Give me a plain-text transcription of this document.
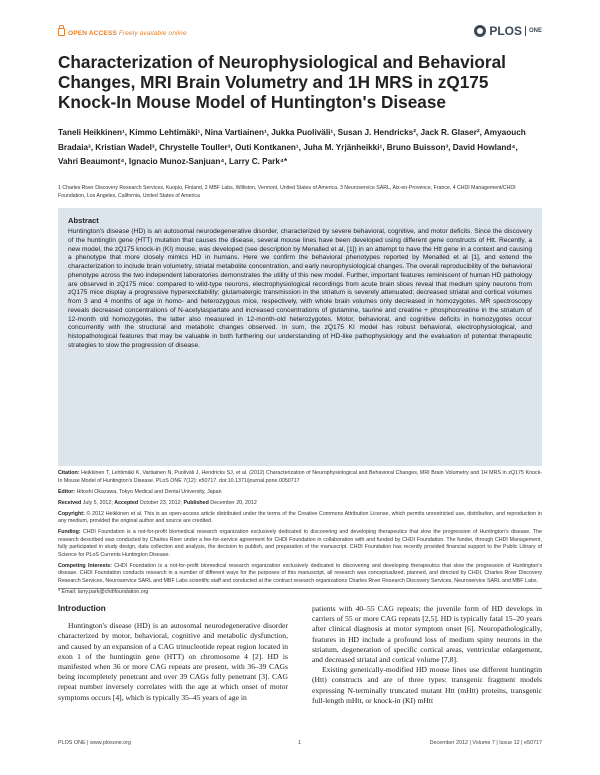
OPEN ACCESS Freely available online	PLOS ONE
Characterization of Neurophysiological and Behavioral Changes, MRI Brain Volumetry and 1H MRS in zQ175 Knock-In Mouse Model of Huntington's Disease
Taneli Heikkinen¹, Kimmo Lehtimäki¹, Nina Vartiainen¹, Jukka Puoliväli¹, Susan J. Hendricks², Jack R. Glaser², Amyaouch Bradaia³, Kristian Wadel³, Chrystelle Touller³, Outi Kontkanen¹, Juha M. Yrjänheikki¹, Bruno Buisson³, David Howland⁴, Vahri Beaumont⁴, Ignacio Munoz-Sanjuan⁴, Larry C. Park⁴*
1 Charles River Discovery Research Services, Kuopio, Finland, 2 MBF Labs, Williston, Vermont, United States of America, 3 Neuroservice SARL, Aix-en-Provence, France, 4 CHDI Management/CHDI Foundation, Los Angeles, California, United States of America
Abstract

Huntington's disease (HD) is an autosomal neurodegenerative disorder, characterized by severe behavioral, cognitive, and motor deficits. Since the discovery of the huntingtin gene (HTT) mutation that causes the disease, several mouse lines have been developed using different gene constructs of Htt. Recently, a new model, the zQ175 knock-in (KI) mouse, was developed (see description by Menalled et al, [1]) in an attempt to have the Htt gene in a context and causing a phenotype that more closely mimics HD in humans. Here we confirm the behavioral phenotypes reported by Menalled et al [1], and extend the characterization to include brain volumetry, striatal metabolite concentration, and early neurophysiological changes. The overall reproducibility of the behavioral phenotype across the two independent laboratories demonstrates the utility of this new model. Further, important features reminiscent of human HD pathology are observed in zQ175 mice: compared to wild-type neurons, electrophysiological recordings from acute brain slices reveal that medium spiny neurons from zQ175 mice display a progressive hyperexcitability; glutamatergic transmission in the striatum is severely attenuated; decreased striatal and cortical volumes from 3 and 4 months of age in homo- and heterozygous mice, respectively, with whole brain volumes only decreased in homozygotes. MR spectroscopy reveals decreased concentrations of N-acetylaspartate and increased concentrations of glutamine, taurine and creatine + phosphocreatine in the striatum of 12-month old homozygotes, the latter also measured in 12-month-old heterozygotes. Motor, behavioral, and cognitive deficits in homozygotes occur concurrently with the structural and metabolic changes observed. In sum, the zQ175 KI model has robust behavioral, electrophysiological, and histopathological features that may be valuable in both furthering our understanding of HD-like pathophysiology and the evaluation of potential therapeutic strategies to slow the progression of disease.

Citation: Heikkinen T, Lehtimäki K, Vartiainen N, Puoliväli J, Hendricks SJ, et al. (2012) Characterization of Neurophysiological and Behavioral Changes, MRI Brain Volumetry and 1H MRS in zQ175 Knock-In Mouse Model of Huntington's Disease. PLoS ONE 7(12): e50717. doi:10.1371/journal.pone.0050717

Editor: Hitoshi Okazawa, Tokyo Medical and Dental University, Japan

Received July 5, 2012; Accepted October 23, 2012; Published December 20, 2012

Copyright: © 2012 Heikkinen et al. This is an open-access article distributed under the terms of the Creative Commons Attribution License, which permits unrestricted use, distribution, and reproduction in any medium, provided the original author and source are credited.

Funding: CHDI Foundation is a not-for-profit biomedical research organization exclusively dedicated to discovering and developing therapeutics that slow the progression of Huntington's disease. The research described was conducted by Charles River under a fee-for-service agreement for CHDI Foundation in collaboration with and funded by CHDI Foundation. The funder, through CHDI Management, fully participated in study design, data collection and analysis, the decision to publish, and preparation of the manuscript. CHDI Foundation has recently provided financial support to the Public Library of Science for PLoS Currents Huntington Disease.

Competing Interests: CHDI Foundation is a not-for-profit biomedical research organization exclusively dedicated to discovering and developing therapeutics that slow the progression of Huntington's disease. CHDI Foundation conducts research in a number of different ways for the purposes of this manuscript, all research was conceptualized, planned, and directed by CHDI, Charles River Discovery Research Services, Neuroservice SARL and MBF Labs scientific staff and conducted at the contract research organizations Charles River Research Discovery Services, Neuroservice SARL and MBF Labs.

* Email: larry.park@chdifoundation.org

Introduction

Huntington's disease (HD) is an autosomal neurodegenerative disorder characterized by motor, behavioral, cognitive and metabolic dysfunction, and caused by an expansion of a CAG trinucleotide repeat region located in exon 1 of the huntingtin gene (HTT) on chromosome 4 [2]. HD is manifested when 36 or more CAG repeats are present, with 36–39 CAGs being incompletely penetrant and over 39 CAGs fully penetrant [3]. CAG repeat number inversely correlates with the age at which onset of motor symptoms occurs [4], which is typically 35–45 years of age in

patients with 40–55 CAG repeats; the juvenile form of HD develops in carriers of 55 or more CAG repeats [2,5]. HD is typically fatal 15–20 years after clinical diagnosis at motor symptom onset [6]. Neuropathologically, features in HD include a profound loss of medium spiny neurons in the striatum, degeneration of specific cortical areas, ventricular enlargement, and decreased striatal and cortical volume [7,8].

Existing genetically-modified HD mouse lines use different huntingtin (Htt) constructs and are of three types: transgenic fragment models expressing N-terminally truncated mutant Htt (mHtt) proteins, transgenic full-length mHtt, or knock-in (KI) mHtt

PLOS ONE | www.plosone.org	1	December 2012 | Volume 7 | Issue 12 | e50717
